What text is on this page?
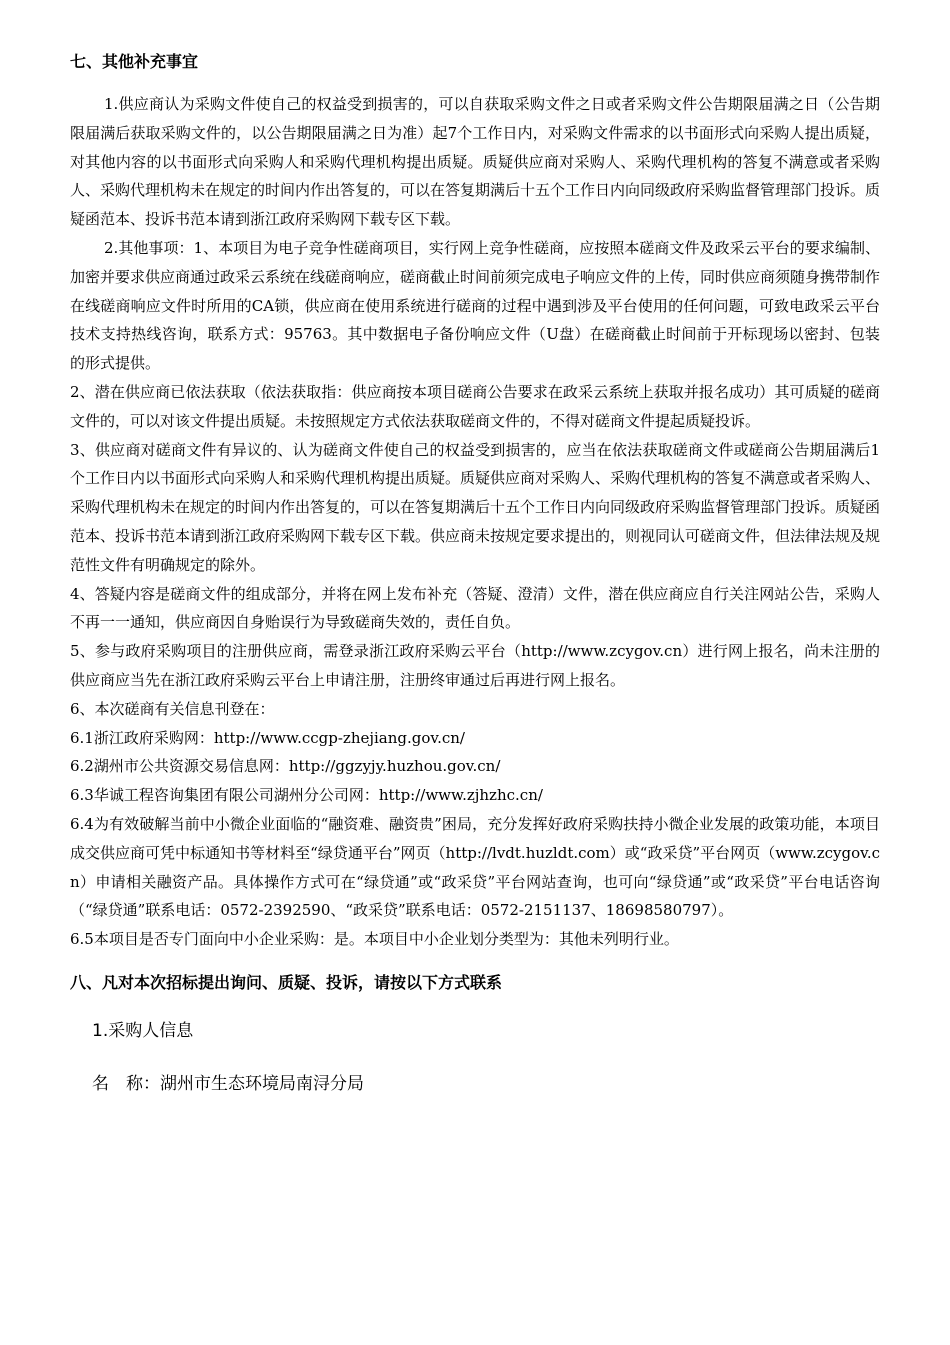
七、其他补充事宜

1.供应商认为采购文件使自己的权益受到损害的，可以自获取采购文件之日或者采购文件公告期限届满之日（公告期限届满后获取采购文件的，以公告期限届满之日为准）起7个工作日内，对采购文件需求的以书面形式向采购人提出质疑，对其他内容的以书面形式向采购人和采购代理机构提出质疑。质疑供应商对采购人、采购代理机构的答复不满意或者采购人、采购代理机构未在规定的时间内作出答复的，可以在答复期满后十五个工作日内向同级政府采购监督管理部门投诉。质疑函范本、投诉书范本请到浙江政府采购网下载专区下载。

2.其他事项：1、本项目为电子竞争性磋商项目，实行网上竞争性磋商，应按照本磋商文件及政采云平台的要求编制、加密并要求供应商通过政采云系统在线磋商响应，磋商截止时间前须完成电子响应文件的上传，同时供应商须随身携带制作在线磋商响应文件时所用的CA锁，供应商在使用系统进行磋商的过程中遇到涉及平台使用的任何问题，可致电政采云平台技术支持热线咨询，联系方式：95763。其中数据电子备份响应文件（U盘）在磋商截止时间前于开标现场以密封、包装的形式提供。

2、潜在供应商已依法获取（依法获取指：供应商按本项目磋商公告要求在政采云系统上获取并报名成功）其可质疑的磋商文件的，可以对该文件提出质疑。未按照规定方式依法获取磋商文件的，不得对磋商文件提起质疑投诉。

3、供应商对磋商文件有异议的、认为磋商文件使自己的权益受到损害的，应当在依法获取磋商文件或磋商公告期届满后1个工作日内以书面形式向采购人和采购代理机构提出质疑。质疑供应商对采购人、采购代理机构的答复不满意或者采购人、采购代理机构未在规定的时间内作出答复的，可以在答复期满后十五个工作日内向同级政府采购监督管理部门投诉。质疑函范本、投诉书范本请到浙江政府采购网下载专区下载。供应商未按规定要求提出的，则视同认可磋商文件，但法律法规及规范性文件有明确规定的除外。

4、答疑内容是磋商文件的组成部分，并将在网上发布补充（答疑、澄清）文件，潜在供应商应自行关注网站公告，采购人不再一一通知，供应商因自身贻误行为导致磋商失效的，责任自负。

5、参与政府采购项目的注册供应商，需登录浙江政府采购云平台（http://www.zcygov.cn）进行网上报名，尚未注册的供应商应当先在浙江政府采购云平台上申请注册，注册终审通过后再进行网上报名。

6、本次磋商有关信息刊登在：

6.1浙江政府采购网：http://www.ccgp-zhejiang.gov.cn/

6.2湖州市公共资源交易信息网：http://ggzyjy.huzhou.gov.cn/

6.3华诚工程咨询集团有限公司湖州分公司网：http://www.zjhzhc.cn/

6.4为有效破解当前中小微企业面临的“融资难、融资贵”困局，充分发挥好政府采购扶持小微企业发展的政策功能，本项目成交供应商可凭中标通知书等材料至“绿贷通平台”网页（http://lvdt.huzldt.com）或“政采贷”平台网页（www.zcygov.cn）申请相关融资产品。具体操作方式可在“绿贷通”或“政采贷”平台网站查询，也可向“绿贷通”或“政采贷”平台电话咨询（“绿贷通”联系电话：0572-2392590、“政采贷”联系电话：0572-2151137、18698580797）。

6.5本项目是否专门面向中小企业采购：是。本项目中小企业划分类型为：其他未列明行业。

八、凡对本次招标提出询问、质疑、投诉，请按以下方式联系

1.采购人信息

名　称：湖州市生态环境局南浔分局
